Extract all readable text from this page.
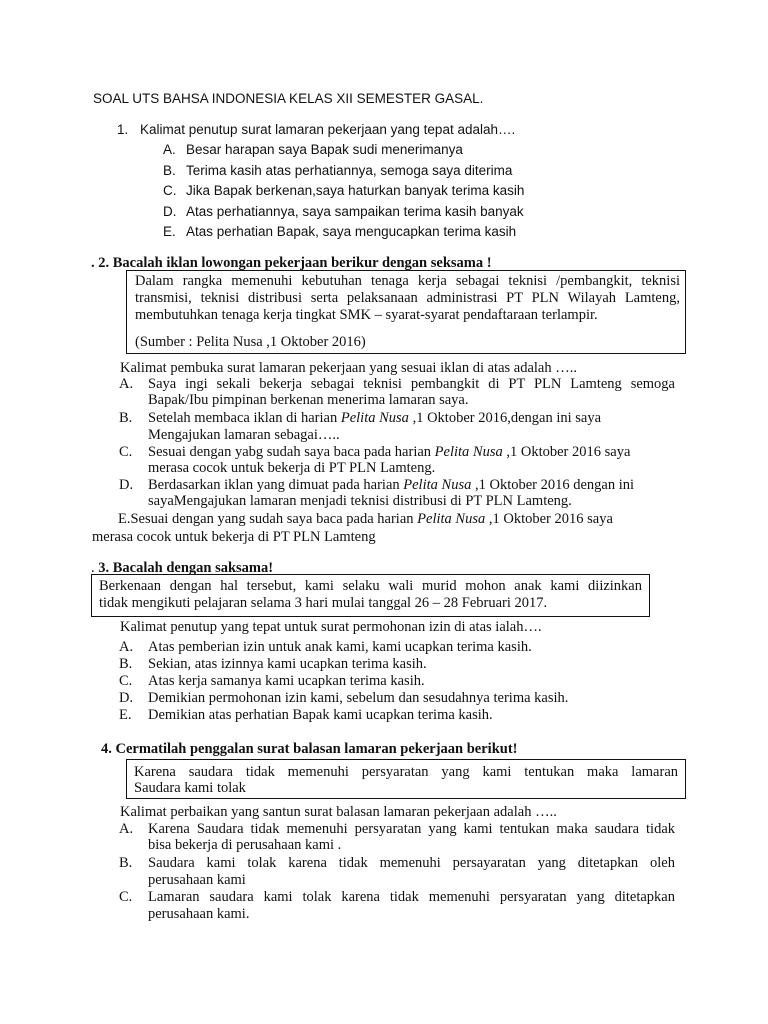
SOAL UTS BAHSA INDONESIA KELAS XII SEMESTER GASAL.
1. Kalimat penutup surat lamaran pekerjaan yang tepat adalah….
A. Besar harapan saya Bapak sudi menerimanya
B. Terima kasih atas perhatiannya, semoga saya diterima
C. Jika Bapak berkenan,saya haturkan banyak terima kasih
D. Atas perhatiannya, saya sampaikan terima kasih banyak
E. Atas perhatian Bapak, saya mengucapkan terima kasih
. 2. Bacalah iklan lowongan pekerjaan berikur dengan seksama !
Dalam rangka memenuhi kebutuhan tenaga kerja sebagai teknisi /pembangkit, teknisi
transmisi, teknisi distribusi serta pelaksanaan administrasi PT PLN Wilayah Lamteng,
membutuhkan tenaga kerja tingkat SMK – syarat-syarat pendaftaraan terlampir.
(Sumber : Pelita Nusa ,1 Oktober 2016)
Kalimat pembuka surat lamaran pekerjaan yang sesuai iklan di atas adalah …..
A. Saya ingi sekali bekerja sebagai teknisi pembangkit di PT PLN Lamteng semoga
Bapak/Ibu pimpinan berkenan menerima lamaran saya.
B. Setelah membaca iklan di harian Pelita Nusa ,1 Oktober 2016,dengan ini saya
Mengajukan lamaran sebagai…..
C. Sesuai dengan yabg sudah saya baca pada harian Pelita Nusa ,1 Oktober 2016 saya
merasa cocok untuk bekerja di PT PLN Lamteng.
D. Berdasarkan iklan yang dimuat pada harian Pelita Nusa ,1 Oktober 2016 dengan ini
sayaMengajukan lamaran menjadi teknisi distribusi di PT PLN Lamteng.
E.Sesuai dengan yang sudah saya baca pada harian Pelita Nusa ,1 Oktober 2016 saya
merasa cocok untuk bekerja di PT PLN Lamteng
. 3. Bacalah dengan saksama!
Berkenaan dengan hal tersebut, kami selaku wali murid mohon anak kami diizinkan
tidak mengikuti pelajaran selama 3 hari mulai tanggal 26 – 28 Februari 2017.
Kalimat penutup yang tepat untuk surat permohonan izin di atas ialah….
A. Atas pemberian izin untuk anak kami, kami ucapkan terima kasih.
B. Sekian, atas izinnya kami ucapkan terima kasih.
C. Atas kerja samanya kami ucapkan terima kasih.
D. Demikian permohonan izin kami, sebelum dan sesudahnya terima kasih.
E. Demikian atas perhatian Bapak kami ucapkan terima kasih.
4. Cermatilah penggalan surat balasan lamaran pekerjaan berikut!
Karena saudara tidak memenuhi persyaratan yang kami tentukan maka lamaran
Saudara kami tolak
Kalimat perbaikan yang santun surat balasan lamaran pekerjaan adalah …..
A. Karena Saudara tidak memenuhi persyaratan yang kami tentukan maka saudara tidak
bisa bekerja di perusahaan kami .
B. Saudara kami tolak karena tidak memenuhi persayaratan yang ditetapkan oleh
perusahaan kami
C. Lamaran saudara kami tolak karena tidak memenuhi persyaratan yang ditetapkan
perusahaan kami.
